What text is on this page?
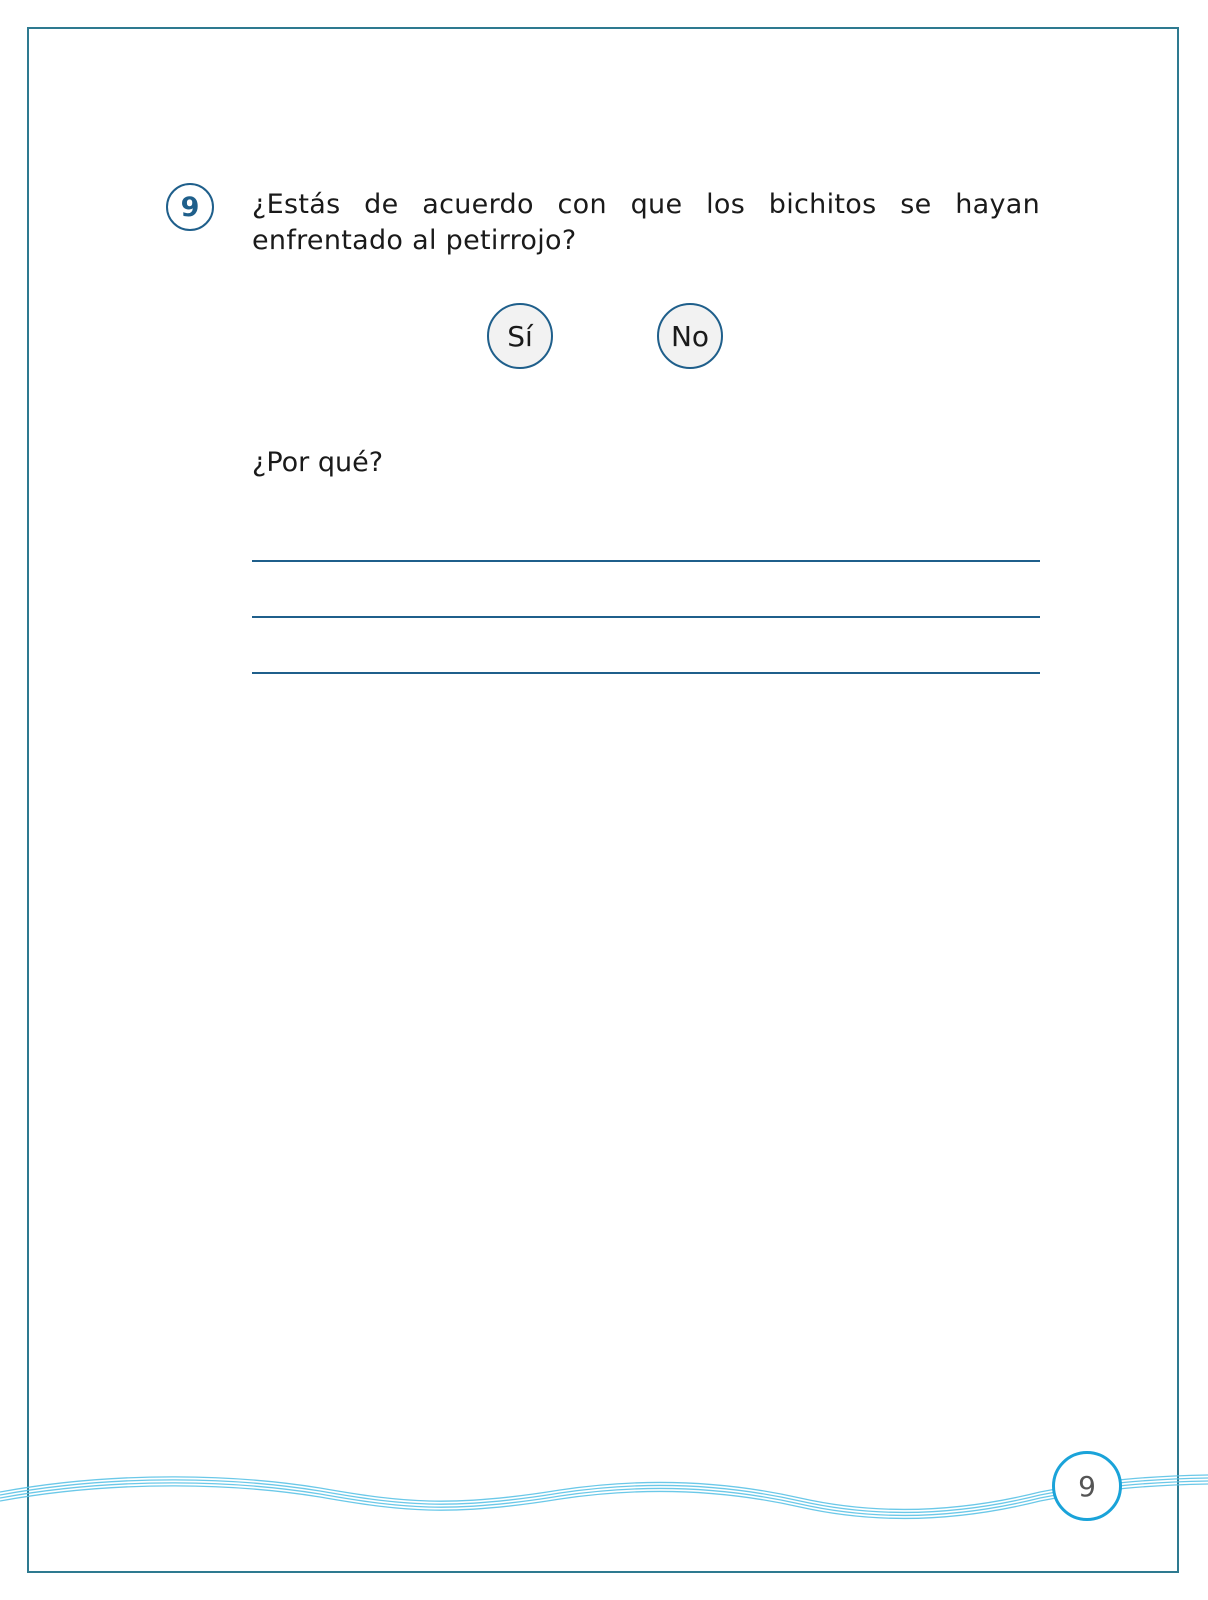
9 ¿Estás de acuerdo con que los bichitos se hayan enfrentado al petirrojo?
Sí	No
¿Por qué?
9
